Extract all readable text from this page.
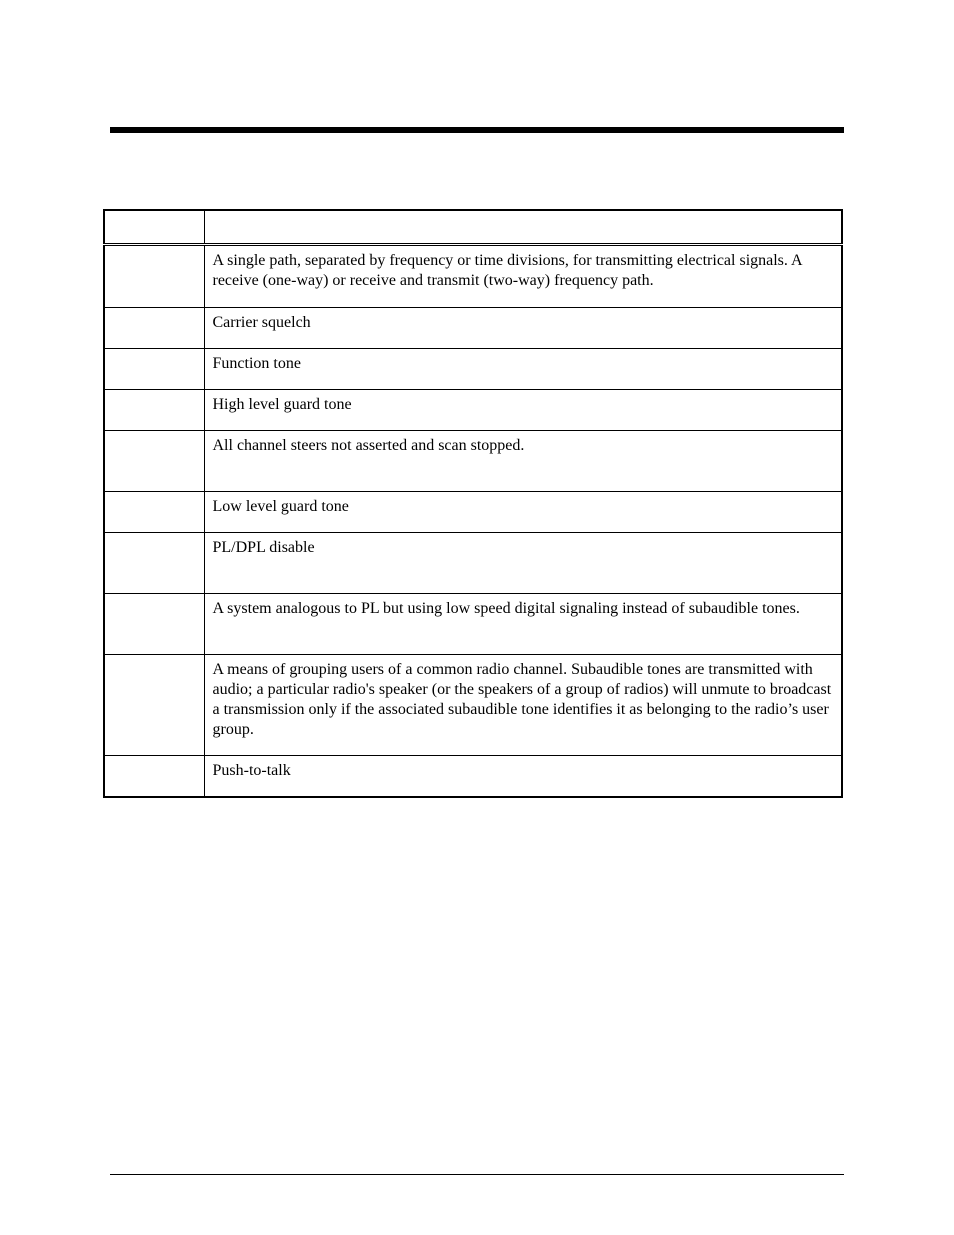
	A single path, separated by frequency or time divisions, for transmitting electrical signals. A receive (one-way) or receive and transmit (two-way) frequency path.
	Carrier squelch
	Function tone
	High level guard tone
	All channel steers not asserted and scan stopped.
	Low level guard tone
	PL/DPL disable
	A system analogous to PL but using low speed digital signaling instead of subaudible tones.
	A means of grouping users of a common radio channel. Subaudible tones are transmitted with audio; a particular radio's speaker (or the speakers of a group of radios) will unmute to broadcast a transmission only if the associated subaudible tone identifies it as belonging to the radio’s user group.
	Push-to-talk
